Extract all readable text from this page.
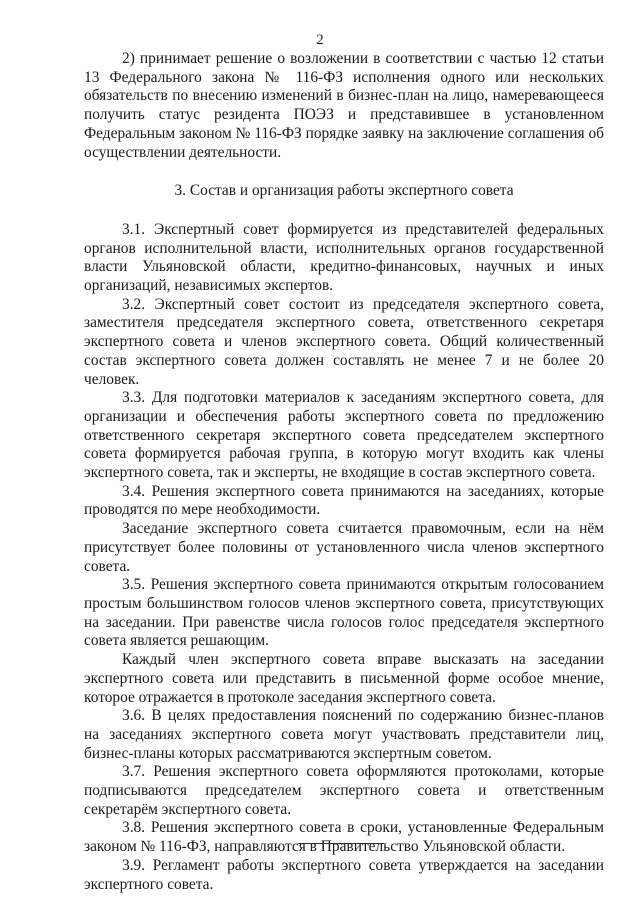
2

2) принимает решение о возложении в соответствии с частью 12 статьи 13 Федерального закона № 116-ФЗ исполнения одного или нескольких обязательств по внесению изменений в бизнес-план на лицо, намеревающееся получить статус резидента ПОЭЗ и представившее в установленном Федеральным законом № 116-ФЗ порядке заявку на заключение соглашения об осуществлении деятельности.

3. Состав и организация работы экспертного совета

3.1. Экспертный совет формируется из представителей федеральных органов исполнительной власти, исполнительных органов государственной власти Ульяновской области, кредитно-финансовых, научных и иных организаций, независимых экспертов.

3.2. Экспертный совет состоит из председателя экспертного совета, заместителя председателя экспертного совета, ответственного секретаря экспертного совета и членов экспертного совета. Общий количественный состав экспертного совета должен составлять не менее 7 и не более 20 человек.

3.3. Для подготовки материалов к заседаниям экспертного совета, для организации и обеспечения работы экспертного совета по предложению ответственного секретаря экспертного совета председателем экспертного совета формируется рабочая группа, в которую могут входить как члены экспертного совета, так и эксперты, не входящие в состав экспертного совета.

3.4. Решения экспертного совета принимаются на заседаниях, которые проводятся по мере необходимости.

Заседание экспертного совета считается правомочным, если на нём присутствует более половины от установленного числа членов экспертного совета.

3.5. Решения экспертного совета принимаются открытым голосованием простым большинством голосов членов экспертного совета, присутствующих на заседании. При равенстве числа голосов голос председателя экспертного совета является решающим.

Каждый член экспертного совета вправе высказать на заседании экспертного совета или представить в письменной форме особое мнение, которое отражается в протоколе заседания экспертного совета.

3.6. В целях предоставления пояснений по содержанию бизнес-планов на заседаниях экспертного совета могут участвовать представители лиц, бизнес-планы которых рассматриваются экспертным советом.

3.7. Решения экспертного совета оформляются протоколами, которые подписываются председателем экспертного совета и ответственным секретарём экспертного совета.

3.8. Решения экспертного совета в сроки, установленные Федеральным законом № 116-ФЗ, направляются в Правительство Ульяновской области.

3.9. Регламент работы экспертного совета утверждается на заседании экспертного совета.
